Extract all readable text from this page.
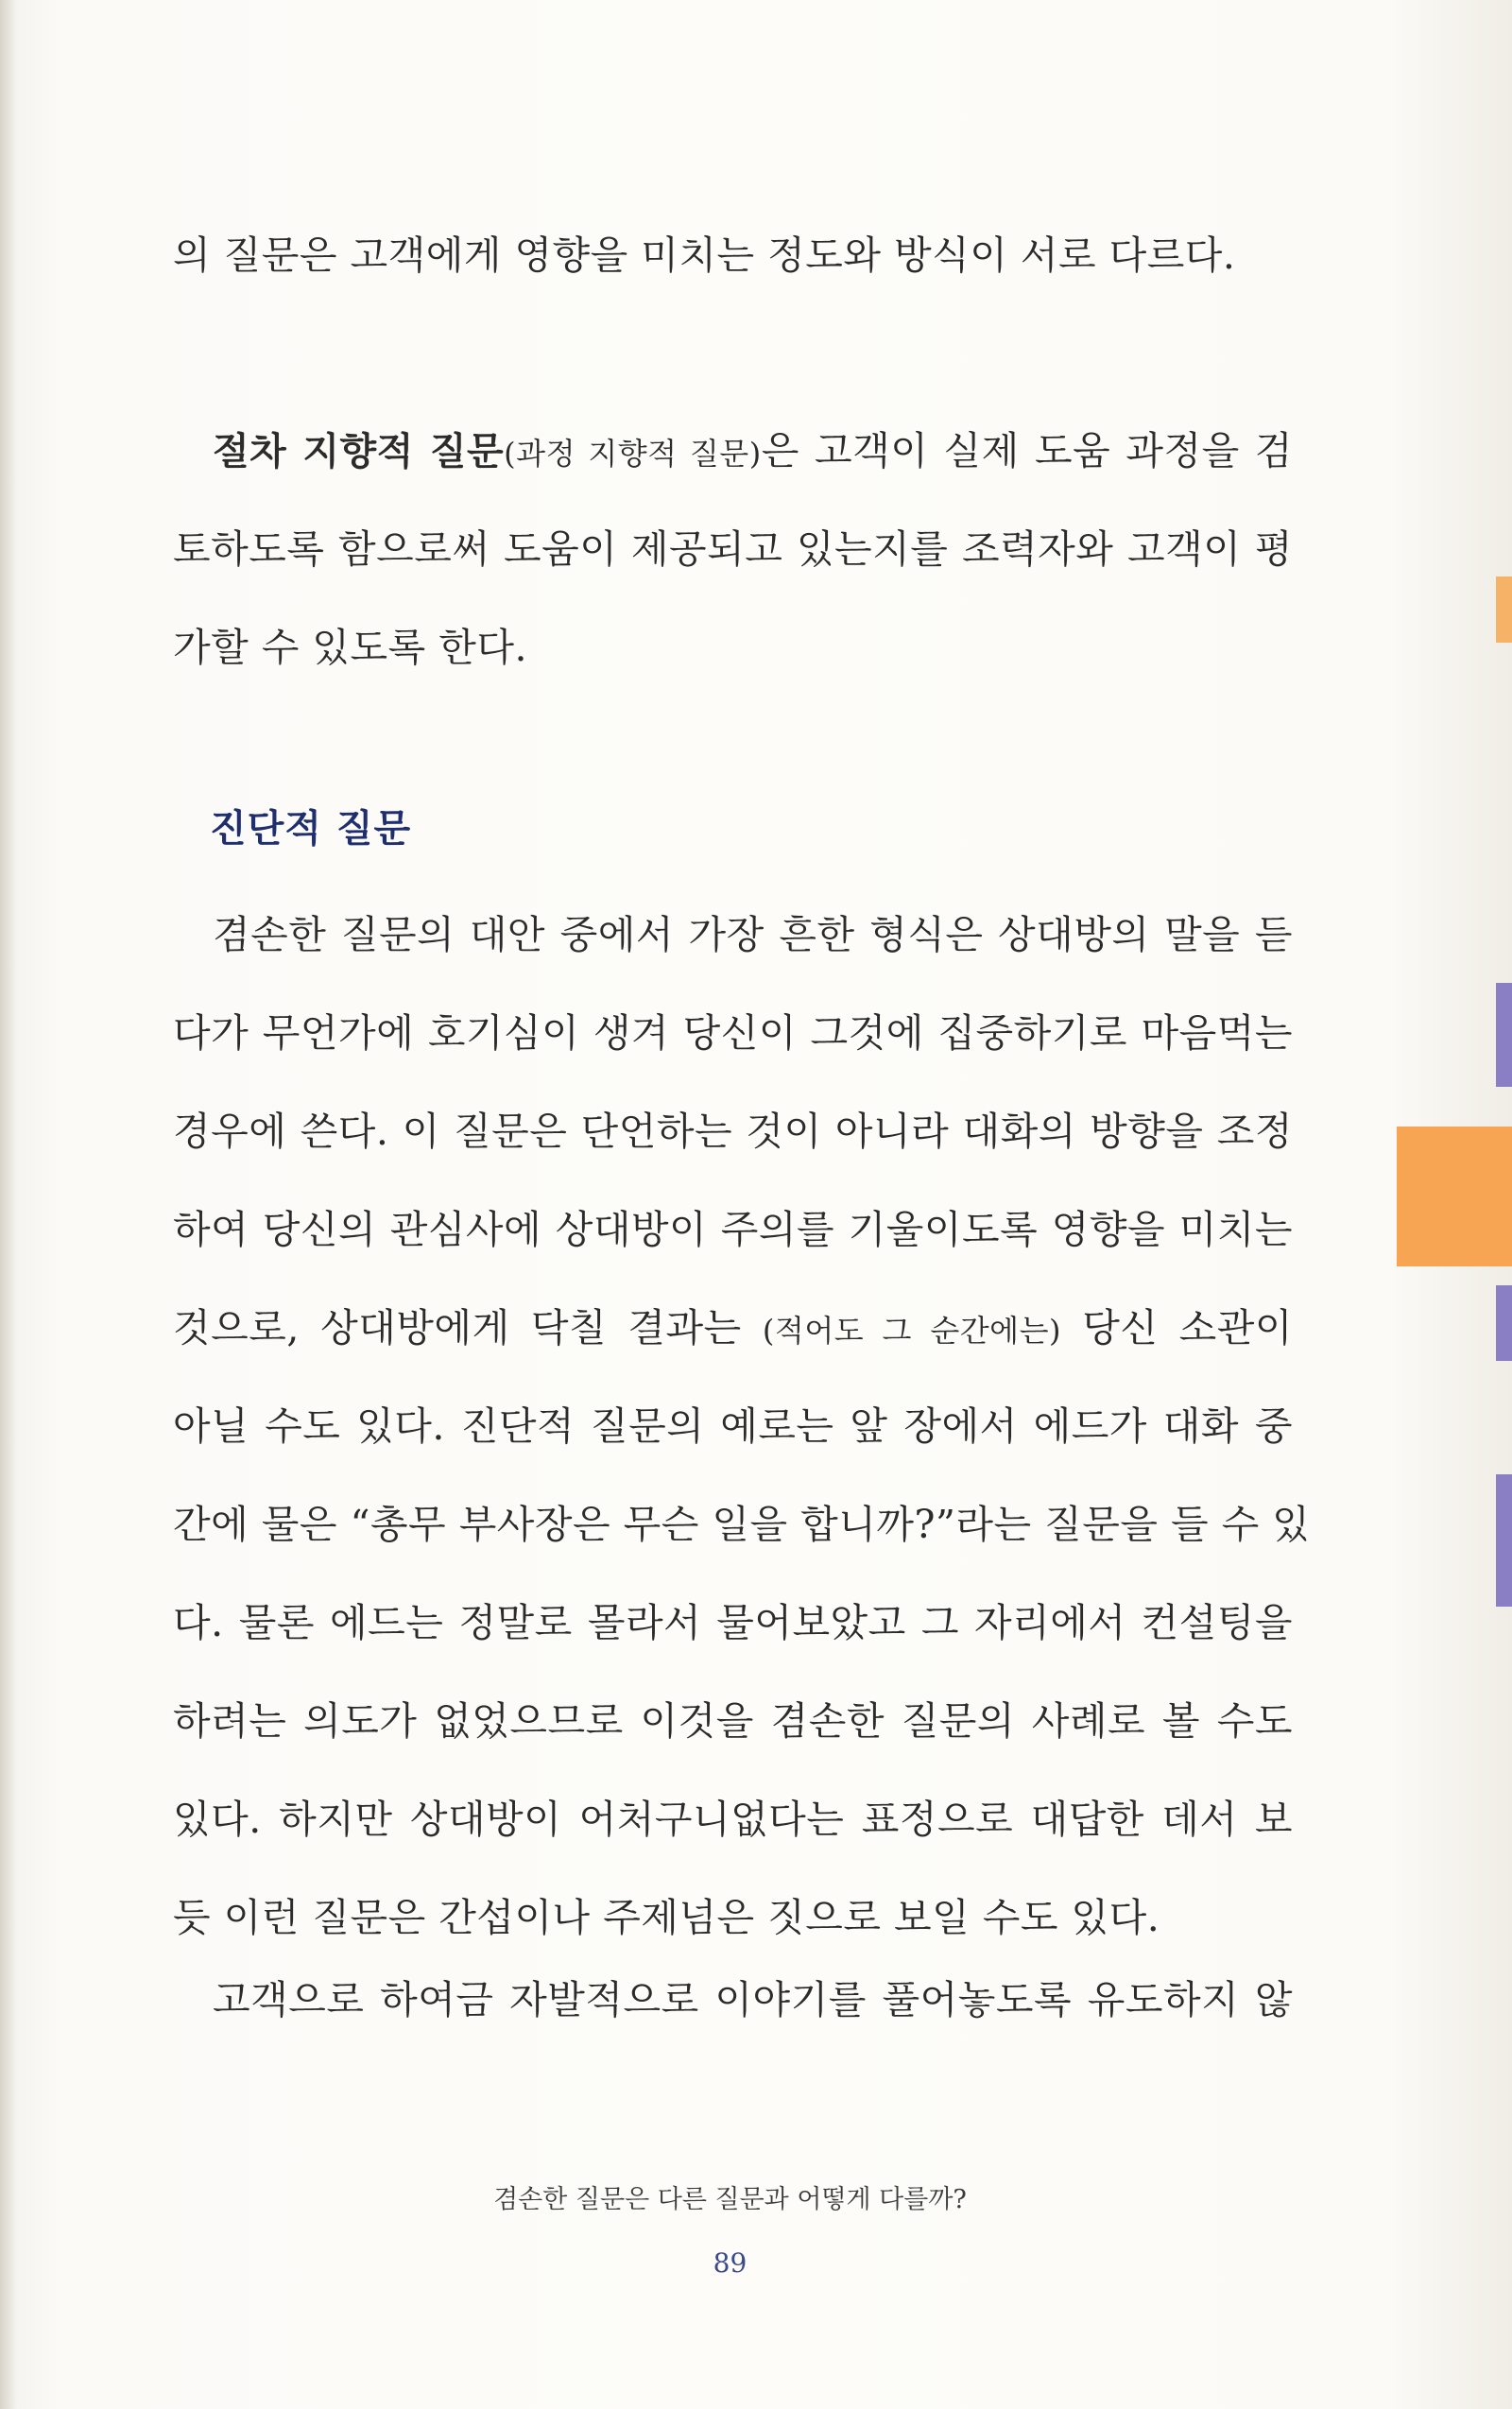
의 질문은 고객에게 영향을 미치는 정도와 방식이 서로 다르다.
절차 지향적 질문(과정 지향적 질문)은 고객이 실제 도움 과정을 검
토하도록 함으로써 도움이 제공되고 있는지를 조력자와 고객이 평
가할 수 있도록 한다.
진단적 질문
겸손한 질문의 대안 중에서 가장 흔한 형식은 상대방의 말을 듣
다가 무언가에 호기심이 생겨 당신이 그것에 집중하기로 마음먹는
경우에 쓴다. 이 질문은 단언하는 것이 아니라 대화의 방향을 조정
하여 당신의 관심사에 상대방이 주의를 기울이도록 영향을 미치는
것으로, 상대방에게 닥칠 결과는 (적어도 그 순간에는) 당신 소관이
아닐 수도 있다. 진단적 질문의 예로는 앞 장에서 에드가 대화 중
간에 물은 “총무 부사장은 무슨 일을 합니까?”라는 질문을 들 수 있
다. 물론 에드는 정말로 몰라서 물어보았고 그 자리에서 컨설팅을
하려는 의도가 없었으므로 이것을 겸손한 질문의 사례로 볼 수도
있다. 하지만 상대방이 어처구니없다는 표정으로 대답한 데서 보
듯 이런 질문은 간섭이나 주제넘은 짓으로 보일 수도 있다.
고객으로 하여금 자발적으로 이야기를 풀어놓도록 유도하지 않
겸손한 질문은 다른 질문과 어떻게 다를까?
89
